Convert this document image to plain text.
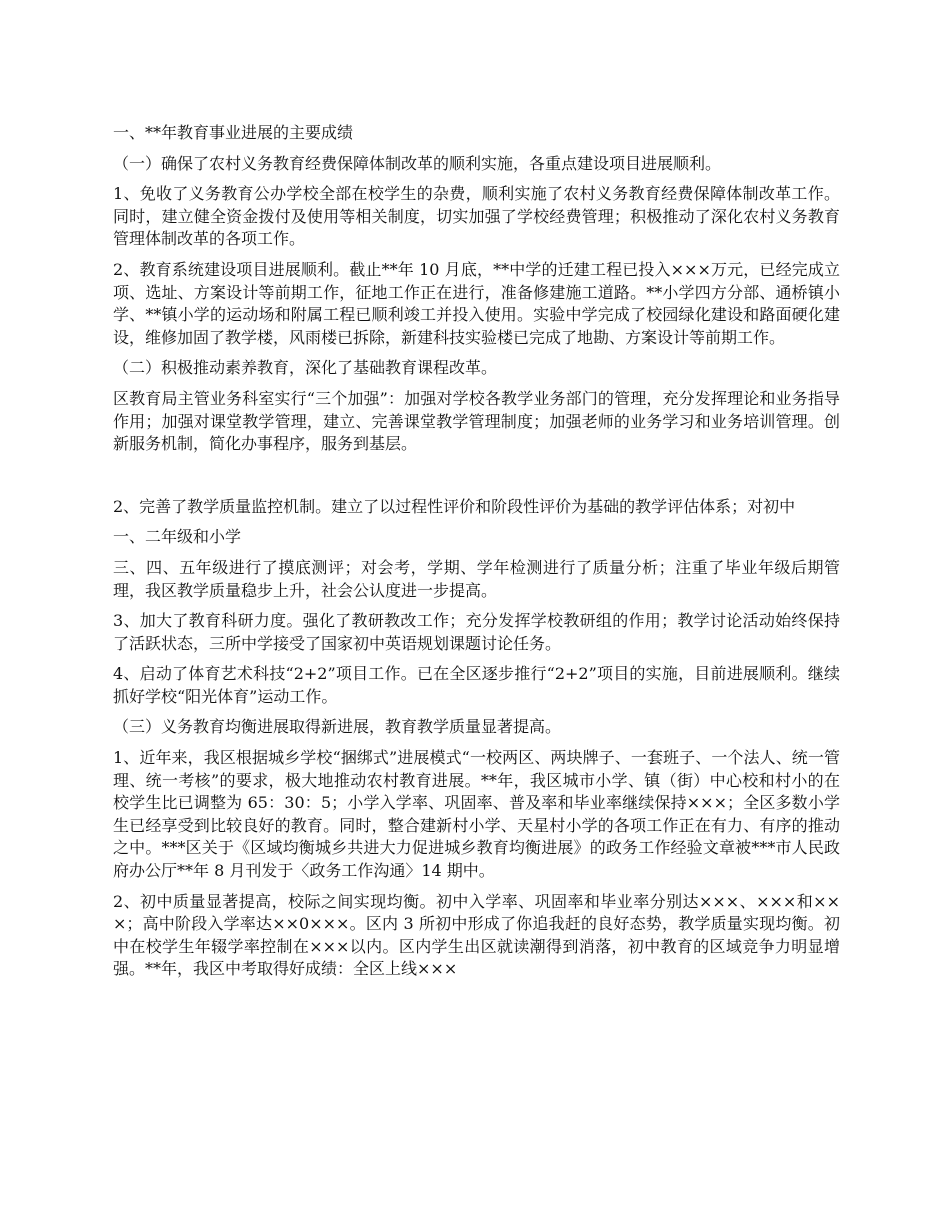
一、**年教育事业进展的主要成绩

（一）确保了农村义务教育经费保障体制改革的顺利实施，各重点建设项目进展顺利。

1、免收了义务教育公办学校全部在校学生的杂费，顺利实施了农村义务教育经费保障体制改革工作。同时，建立健全资金拨付及使用等相关制度，切实加强了学校经费管理；积极推动了深化农村义务教育管理体制改革的各项工作。

2、教育系统建设项目进展顺利。截止**年 10 月底，**中学的迁建工程已投入×××万元，已经完成立项、选址、方案设计等前期工作，征地工作正在进行，准备修建施工道路。**小学四方分部、通桥镇小学、**镇小学的运动场和附属工程已顺利竣工并投入使用。实验中学完成了校园绿化建设和路面硬化建设，维修加固了教学楼，风雨楼已拆除，新建科技实验楼已完成了地勘、方案设计等前期工作。

（二）积极推动素养教育，深化了基础教育课程改革。

区教育局主管业务科室实行“三个加强”：加强对学校各教学业务部门的管理，充分发挥理论和业务指导作用；加强对课堂教学管理，建立、完善课堂教学管理制度；加强老师的业务学习和业务培训管理。创新服务机制，简化办事程序，服务到基层。

2、完善了教学质量监控机制。建立了以过程性评价和阶段性评价为基础的教学评估体系；对初中

一、二年级和小学

三、四、五年级进行了摸底测评；对会考，学期、学年检测进行了质量分析；注重了毕业年级后期管理，我区教学质量稳步上升，社会公认度进一步提高。

3、加大了教育科研力度。强化了教研教改工作；充分发挥学校教研组的作用；教学讨论活动始终保持了活跃状态，三所中学接受了国家初中英语规划课题讨论任务。

4、启动了体育艺术科技“2+2”项目工作。已在全区逐步推行“2+2”项目的实施，目前进展顺利。继续抓好学校“阳光体育”运动工作。

（三）义务教育均衡进展取得新进展，教育教学质量显著提高。

1、近年来，我区根据城乡学校“捆绑式”进展模式“一校两区、两块牌子、一套班子、一个法人、统一管理、统一考核”的要求，极大地推动农村教育进展。**年，我区城市小学、镇（街）中心校和村小的在校学生比已调整为 65：30：5；小学入学率、巩固率、普及率和毕业率继续保持×××；全区多数小学生已经享受到比较良好的教育。同时，整合建新村小学、天星村小学的各项工作正在有力、有序的推动之中。***区关于《区域均衡城乡共进大力促进城乡教育均衡进展》的政务工作经验文章被***市人民政府办公厅**年 8 月刊发于〈政务工作沟通〉14 期中。

2、初中质量显著提高，校际之间实现均衡。初中入学率、巩固率和毕业率分别达×××、×××和×××；高中阶段入学率达××0×××。区内 3 所初中形成了你追我赶的良好态势，教学质量实现均衡。初中在校学生年辍学率控制在×××以内。区内学生出区就读潮得到消落，初中教育的区域竞争力明显增强。**年，我区中考取得好成绩：全区上线×××
